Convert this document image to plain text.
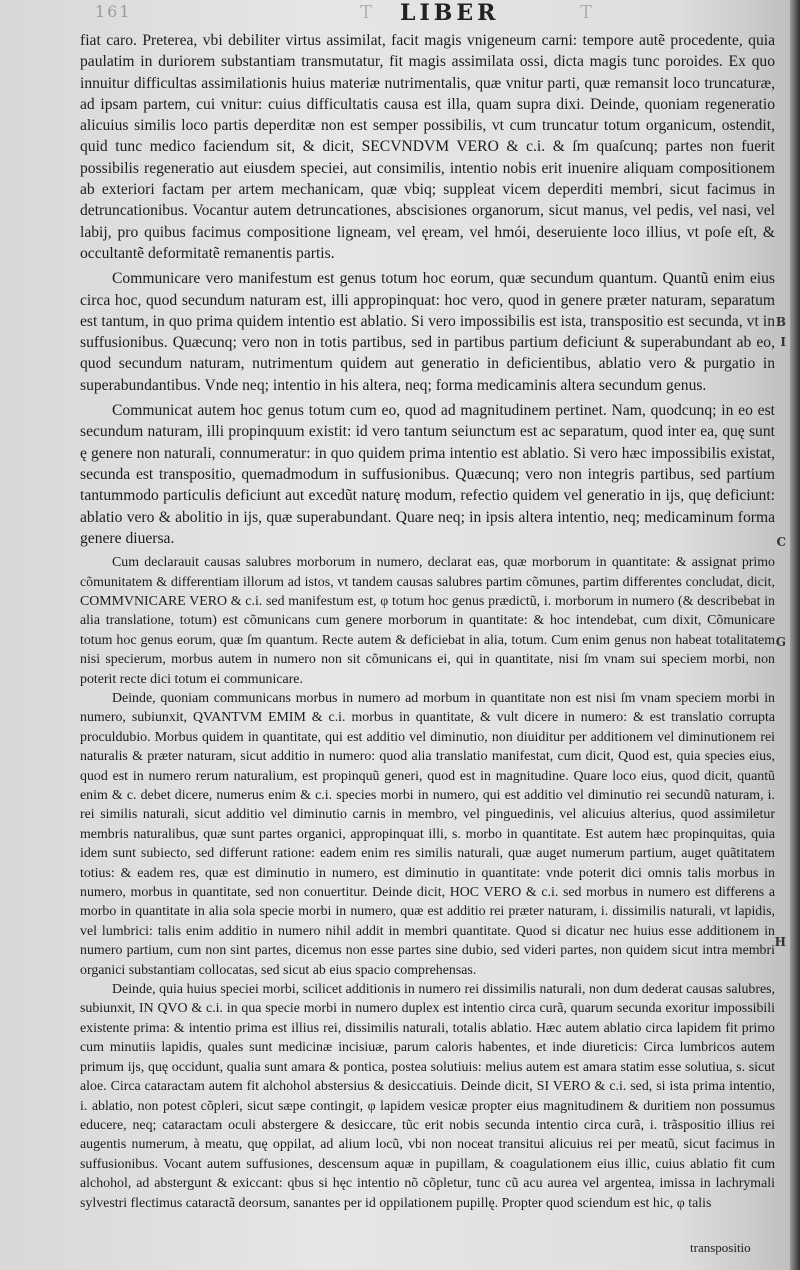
161	LIBER
T	T

fiat caro. Preterea, vbi debiliter virtus assimilat, facit magis vnigeneum carni: tempore autẽ procedente, quia paulatim in duriorem substantiam transmutatur, fit magis assimilata ossi, dicta magis tunc poroides. Ex quo innuitur difficultas assimilationis huius materiæ nutrimentalis, quæ vnitur parti, quæ remansit loco truncaturæ, ad ipsam partem, cui vnitur: cuius difficultatis causa est illa, quam supra dixi. Deinde, quoniam regeneratio alicuius similis loco partis deperditæ non est semper possibilis, vt cum truncatur totum organicum, ostendit, quid tunc medico faciendum sit, & dicit, SECVNDVM VERO & c.i. & ſm quaſcunq; partes non fuerit possibilis regeneratio aut eiusdem speciei, aut consimilis, intentio nobis erit inuenire aliquam compositionem ab exteriori factam per artem mechanicam, quæ vbiq; suppleat vicem deperditi membri, sicut facimus in detruncationibus. Vocantur autem detruncationes, abscisiones organorum, sicut manus, vel pedis, vel nasi, vel labij, pro quibus facimus compositione ligneam, vel ęream, vel hmói, deseruiente loco illius, vt poſe eſt, & occultantẽ deformitatẽ remanentis partis.

Communicare vero manifestum est genus totum hoc eorum, quæ secundum quantum. Quantũ enim eius circa hoc, quod secundum naturam est, illi appropinquat: hoc vero, quod in genere præter naturam, separatum est tantum, in quo prima quidem intentio est ablatio. Si vero impossibilis est ista, transpositio est secunda, vt in suffusionibus. Quæcunq; vero non in totis partibus, sed in partibus partium deficiunt & superabundant ab eo, quod secundum naturam, nutrimentum quidem aut generatio in deficientibus, ablatio vero & purgatio in superabundantibus. Vnde neq; intentio in his altera, neq; forma medicaminis altera secundum genus.

Communicat autem hoc genus totum cum eo, quod ad magnitudinem pertinet. Nam, quodcunq; in eo est secundum naturam, illi propinquum existit: id vero tantum seiunctum est ac separatum, quod inter ea, quę sunt ę genere non naturali, connumeratur: in quo quidem prima intentio est ablatio. Si vero hæc impossibilis existat, secunda est transpositio, quemadmodum in suffusionibus. Quæcunq; vero non integris partibus, sed partium tantummodo particulis deficiunt aut excedũt naturę modum, refectio quidem vel generatio in ijs, quę deficiunt: ablatio vero & abolitio in ijs, quæ superabundant. Quare neq; in ipsis altera intentio, neq; medicaminum forma genere diuersa.

Cum declarauit causas salubres morborum in numero, declarat eas, quæ morborum in quantitate: & assignat primo cõmunitatem & differentiam illorum ad istos, vt tandem causas salubres partim cõmunes, partim differentes concludat, dicit, COMMVNICARE VERO & c.i. sed manifestum est, φ totum hoc genus prædictũ, i. morborum in numero (& describebat in alia translatione, totum) est cõmunicans cum genere morborum in quantitate: & hoc intendebat, cum dixit, Cõmunicare totum hoc genus eorum, quæ ſm quantum. Recte autem & deficiebat in alia, totum. Cum enim genus non habeat totalitatem nisi specierum, morbus autem in numero non sit cõmunicans ei, qui in quantitate, nisi ſm vnam sui speciem morbi, non poterit recte dici totum ei communicare.

Deinde, quoniam communicans morbus in numero ad morbum in quantitate non est nisi ſm vnam speciem morbi in numero, subiunxit, QVANTVM EMIM & c.i. morbus in quantitate, & vult dicere in numero: & est translatio corrupta proculdubio. Morbus quidem in quantitate, qui est additio vel diminutio, non diuiditur per additionem vel diminutionem rei naturalis & præter naturam, sicut additio in numero: quod alia translatio manifestat, cum dicit, Quod est, quia species eius, quod est in numero rerum naturalium, est propinquũ generi, quod est in magnitudine. Quare loco eius, quod dicit, quantũ enim & c. debet dicere, numerus enim & c.i. species morbi in numero, qui est additio vel diminutio rei secundũ naturam, i. rei similis naturali, sicut additio vel diminutio carnis in membro, vel pinguedinis, vel alicuius alterius, quod assimiletur membris naturalibus, quæ sunt partes organici, appropinquat illi, s. morbo in quantitate. Est autem hæc propinquitas, quia idem sunt subiecto, sed differunt ratione: eadem enim res similis naturali, quæ auget numerum partium, auget quãtitatem totius: & eadem res, quæ est diminutio in numero, est diminutio in quantitate: vnde poterit dici omnis talis morbus in numero, morbus in quantitate, sed non conuertitur. Deinde dicit, HOC VERO & c.i. sed morbus in numero est differens a morbo in quantitate in alia sola specie morbi in numero, quæ est additio rei præter naturam, i. dissimilis naturali, vt lapidis, vel lumbrici: talis enim additio in numero nihil addit in membri quantitate. Quod si dicatur nec huius esse additionem in numero partium, cum non sint partes, dicemus non esse partes sine dubio, sed videri partes, non quidem sicut intra membri organici substantiam collocatas, sed sicut ab eius spacio comprehensas.

Deinde, quia huius speciei morbi, scilicet additionis in numero rei dissimilis naturali, non dum dederat causas salubres, subiunxit, IN QVO & c.i. in qua specie morbi in numero duplex est intentio circa curã, quarum secunda exoritur impossibili existente prima: & intentio prima est illius rei, dissimilis naturali, totalis ablatio. Hæc autem ablatio circa lapidem fit primo cum minutiis lapidis, quales sunt medicinæ incisiuæ, parum caloris habentes, et inde diureticis: Circa lumbricos autem primum ijs, quę occidunt, qualia sunt amara & pontica, postea solutiuis: melius autem est amara statim esse solutiua, s. sicut aloe. Circa cataractam autem fit alchohol abstersius & desiccatiuis. Deinde dicit, SI VERO & c.i. sed, si ista prima intentio, i. ablatio, non potest cõpleri, sicut sæpe contingit, φ lapidem vesicæ propter eius magnitudinem & duritiem non possumus educere, neq; cataractam oculi abstergere & desiccare, tũc erit nobis secunda intentio circa curã, i. trãspositio illius rei augentis numerum, à meatu, quę oppilat, ad alium locũ, vbi non noceat transitui alicuius rei per meatũ, sicut facimus in suffusionibus. Vocant autem suffusiones, descensum aquæ in pupillam, & coagulationem eius illic, cuius ablatio fit cum alchohol, ad abstergunt & exiccant: qbus si hęc intentio nõ cõpletur, tunc cũ acu aurea vel argentea, imissa in lachrymali sylvestri flectimus cataractã deorsum, sanantes per id oppilationem pupillę. Propter quod sciendum est hic, φ talis

B
I
C
G
H
transpositio
